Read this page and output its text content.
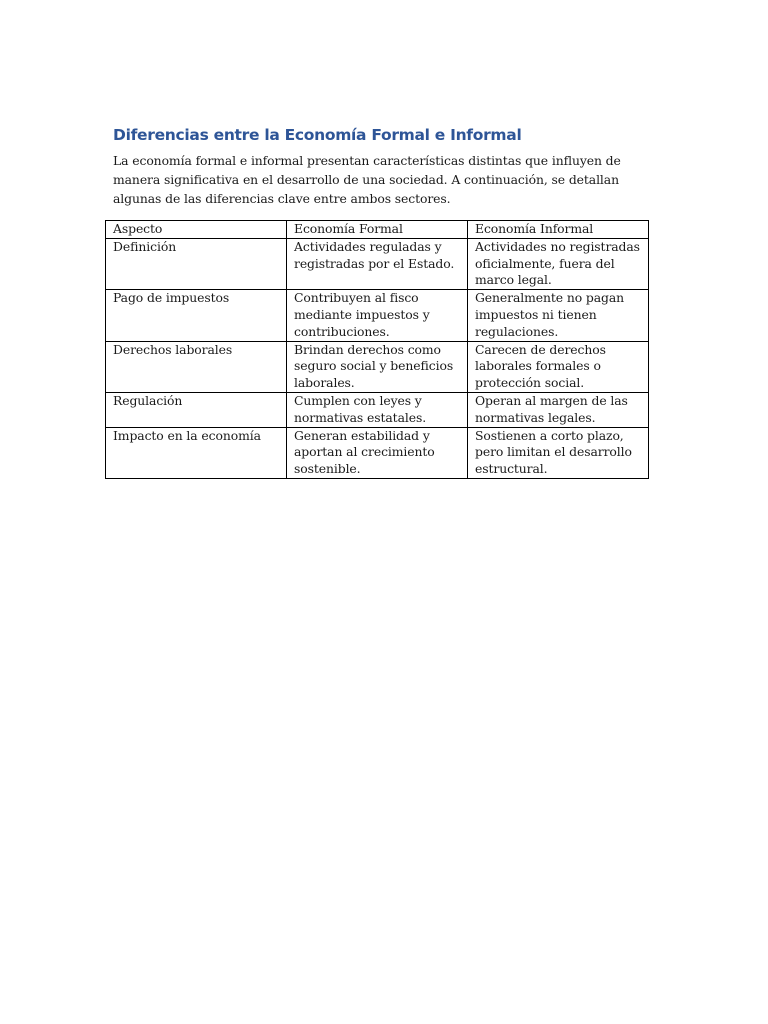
Diferencias entre la Economía Formal e Informal

La economía formal e informal presentan características distintas que influyen de manera significativa en el desarrollo de una sociedad. A continuación, se detallan algunas de las diferencias clave entre ambos sectores.

Aspecto	Economía Formal	Economía Informal
Definición	Actividades reguladas y registradas por el Estado.	Actividades no registradas oficialmente, fuera del marco legal.
Pago de impuestos	Contribuyen al fisco mediante impuestos y contribuciones.	Generalmente no pagan impuestos ni tienen regulaciones.
Derechos laborales	Brindan derechos como seguro social y beneficios laborales.	Carecen de derechos laborales formales o protección social.
Regulación	Cumplen con leyes y normativas estatales.	Operan al margen de las normativas legales.
Impacto en la economía	Generan estabilidad y aportan al crecimiento sostenible.	Sostienen a corto plazo, pero limitan el desarrollo estructural.
